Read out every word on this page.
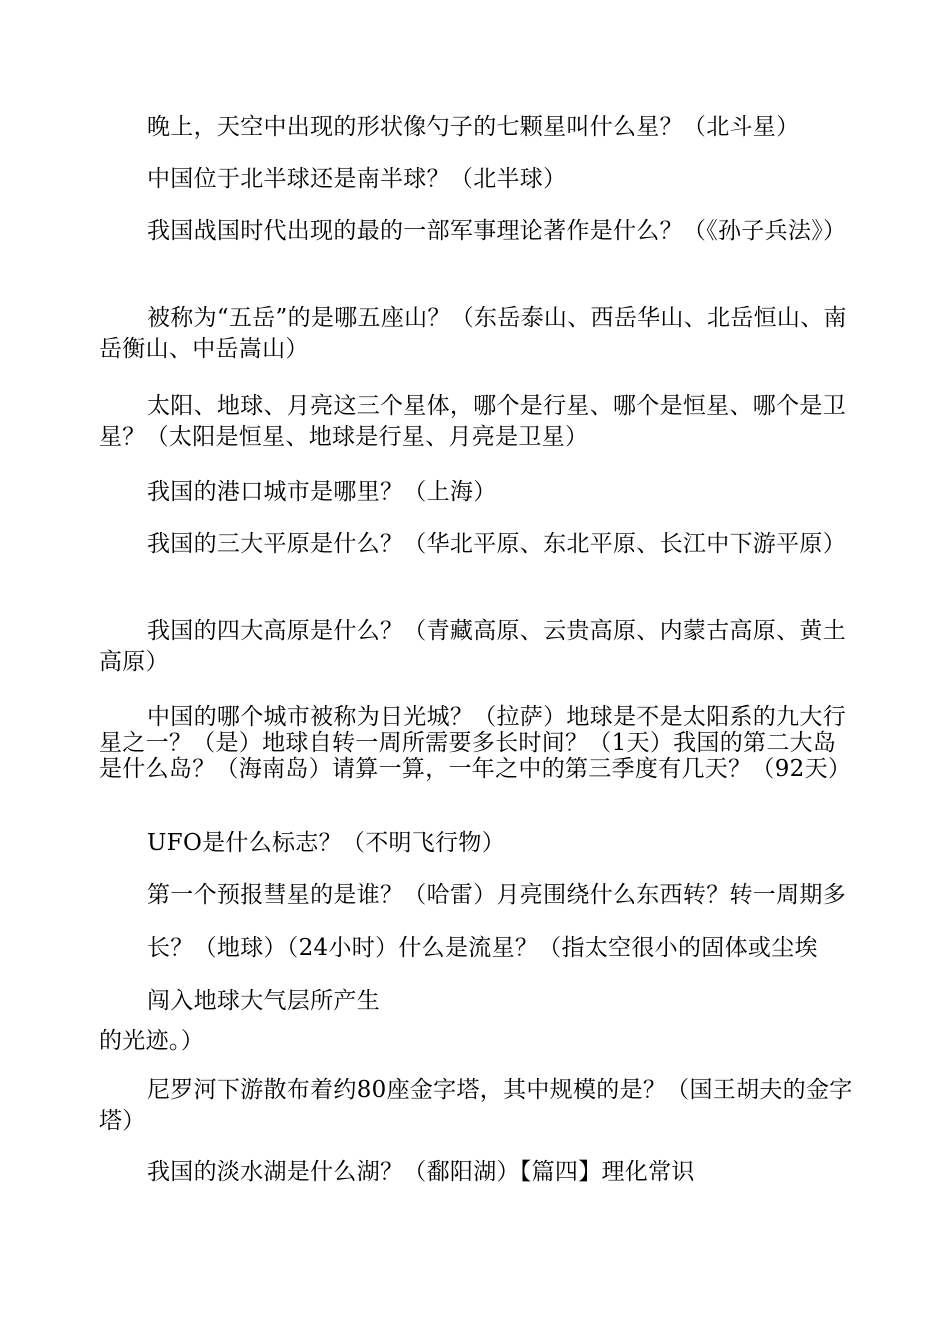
晚上，天空中出现的形状像勺子的七颗星叫什么星？（北斗星）

中国位于北半球还是南半球？（北半球）

我国战国时代出现的最的一部军事理论著作是什么？（《孙子兵法》）

被称为“五岳”的是哪五座山？（东岳泰山、西岳华山、北岳恒山、南岳衡山、中岳嵩山）

太阳、地球、月亮这三个星体，哪个是行星、哪个是恒星、哪个是卫星？（太阳是恒星、地球是行星、月亮是卫星）

我国的港口城市是哪里？（上海）

我国的三大平原是什么？（华北平原、东北平原、长江中下游平原）

我国的四大高原是什么？（青藏高原、云贵高原、内蒙古高原、黄土高原）

中国的哪个城市被称为日光城？（拉萨）地球是不是太阳系的九大行星之一？（是）地球自转一周所需要多长时间？（1天）我国的第二大岛是什么岛？（海南岛）请算一算，一年之中的第三季度有几天？（92天）

UFO是什么标志？（不明飞行物）

第一个预报彗星的是谁？（哈雷）月亮围绕什么东西转？转一周期多

长？（地球）（24小时）什么是流星？（指太空很小的固体或尘埃

闯入地球大气层所产生

的光迹。）

尼罗河下游散布着约80座金字塔，其中规模的是？（国王胡夫的金字塔）

我国的淡水湖是什么湖？（鄱阳湖）【篇四】理化常识
